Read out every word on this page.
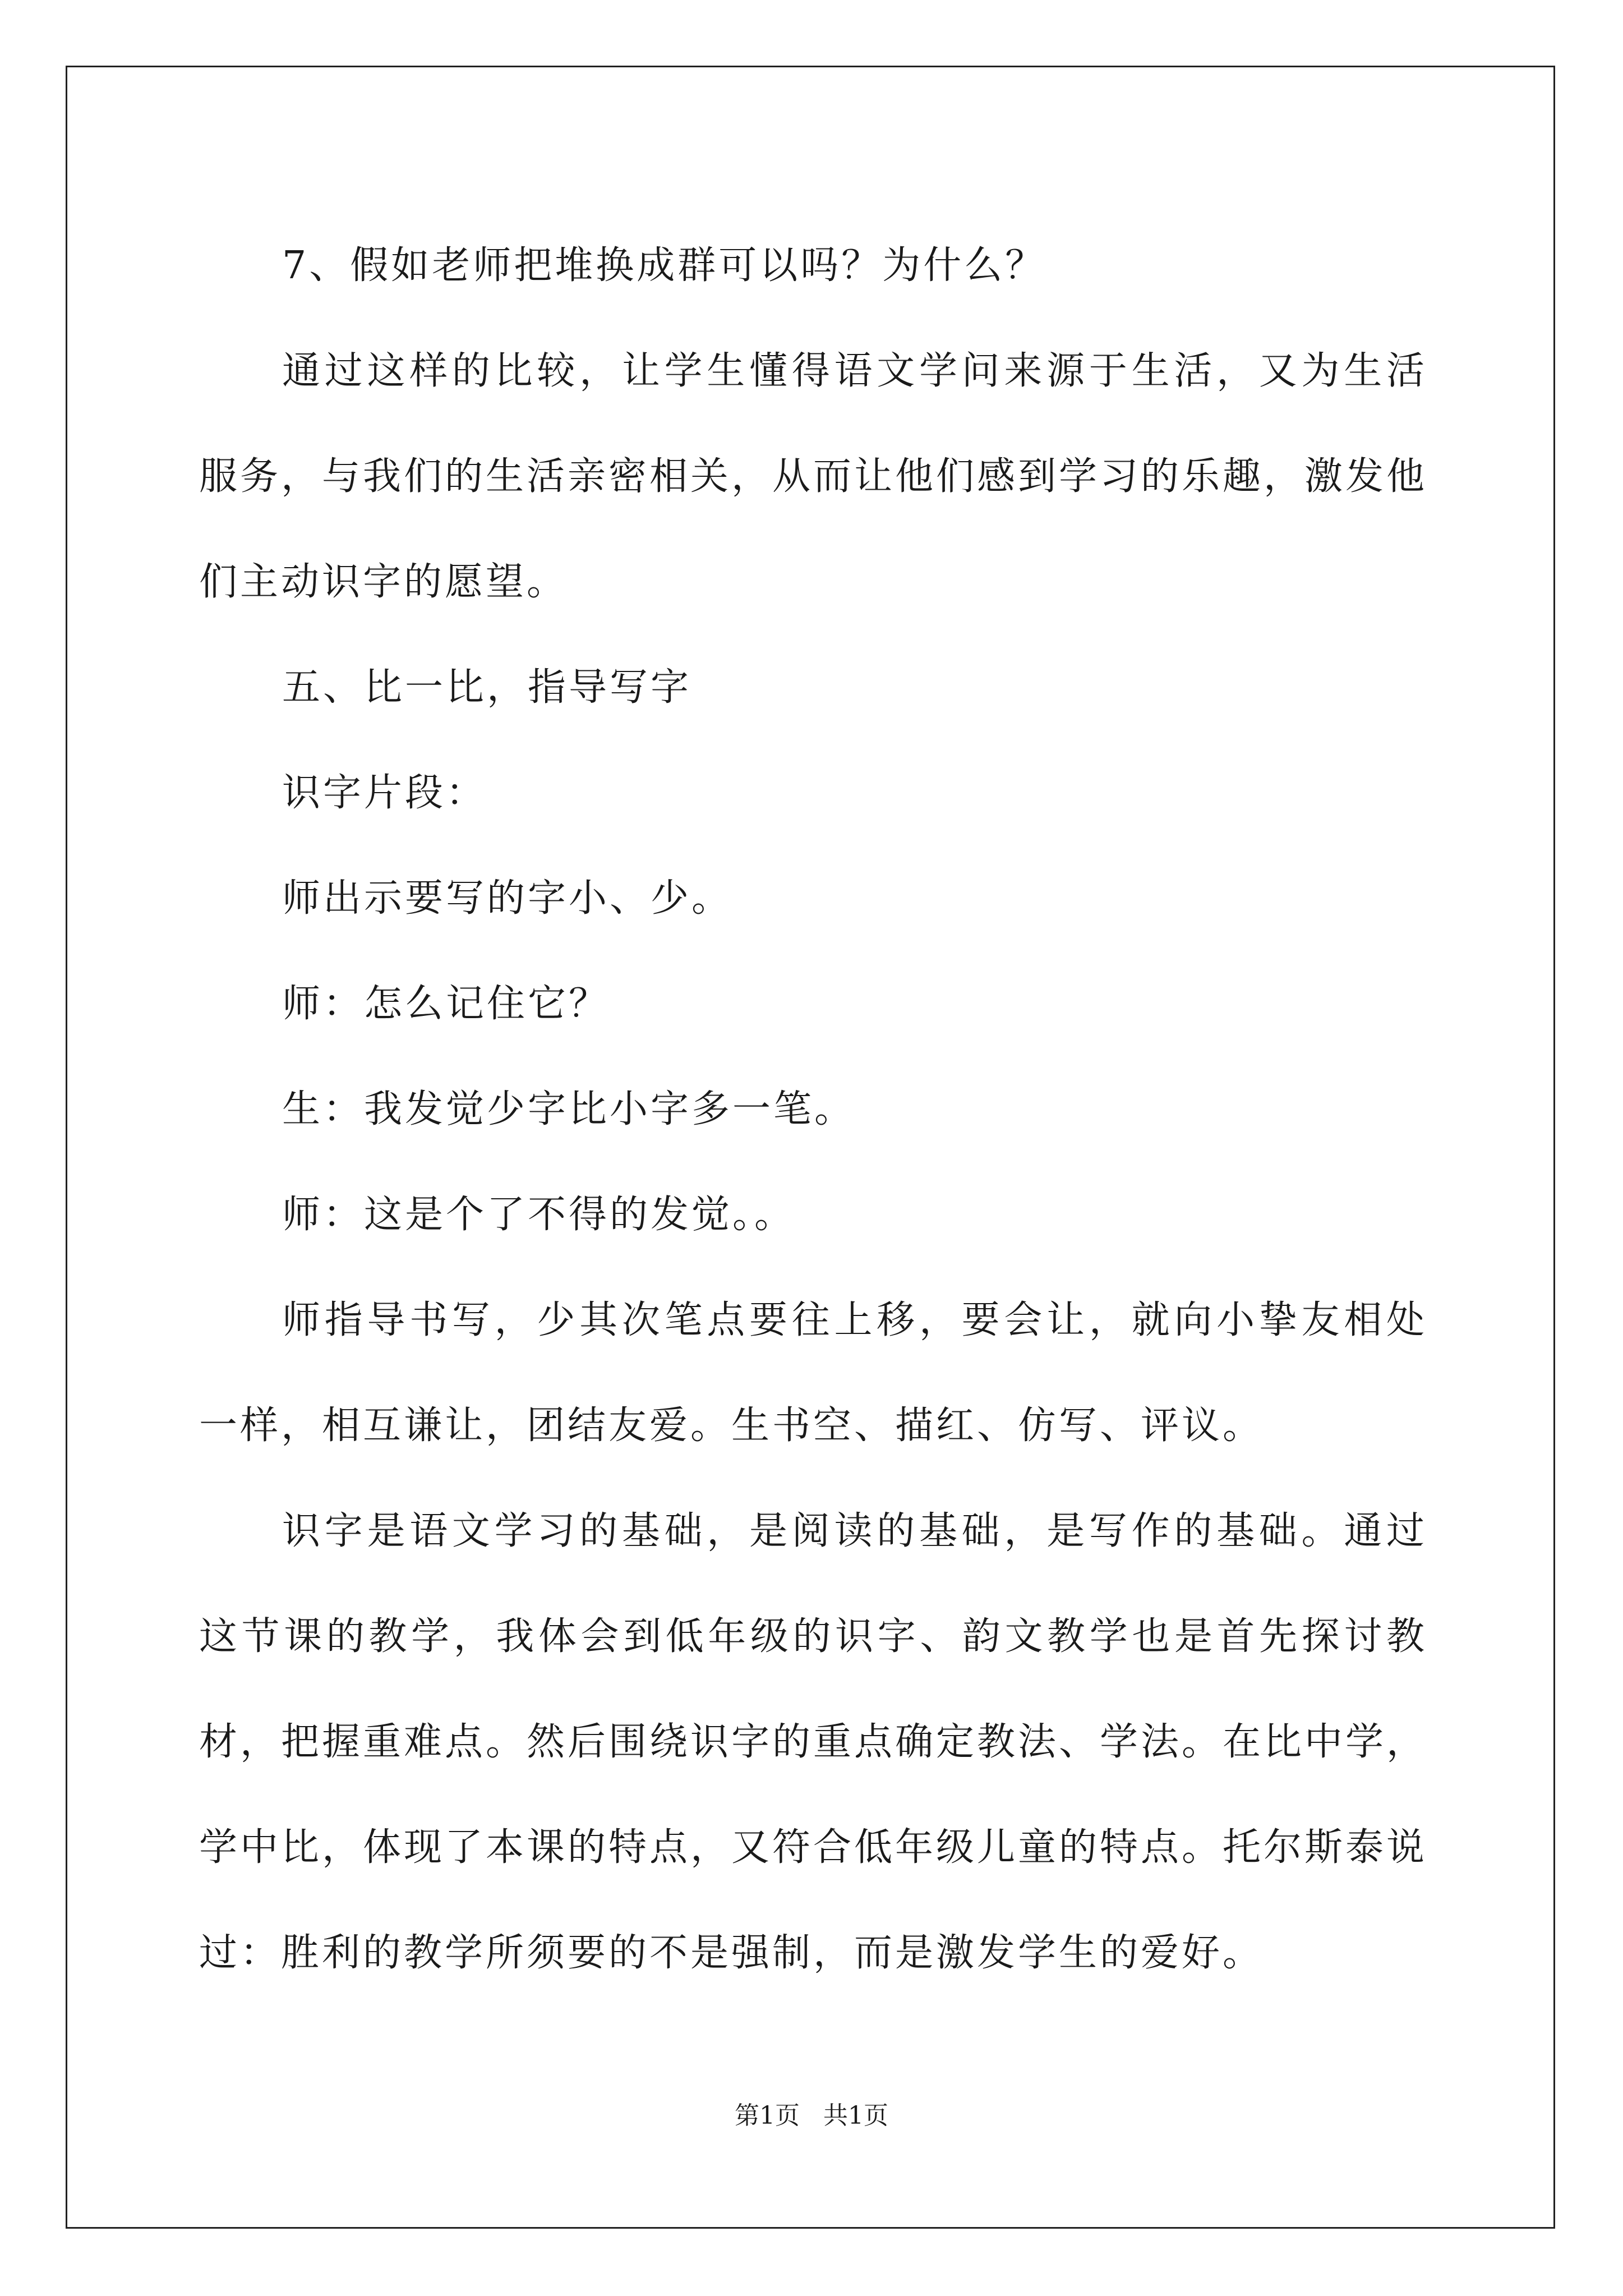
7、假如老师把堆换成群可以吗？为什么？

通过这样的比较，让学生懂得语文学问来源于生活，又为生活服务，与我们的生活亲密相关，从而让他们感到学习的乐趣，激发他们主动识字的愿望。

五、比一比，指导写字

识字片段：

师出示要写的字小、少。

师：怎么记住它？

生：我发觉少字比小字多一笔。

师：这是个了不得的发觉。。

师指导书写，少其次笔点要往上移，要会让，就向小挚友相处一样，相互谦让，团结友爱。生书空、描红、仿写、评议。

识字是语文学习的基础，是阅读的基础，是写作的基础。通过这节课的教学，我体会到低年级的识字、韵文教学也是首先探讨教材，把握重难点。然后围绕识字的重点确定教法、学法。在比中学，学中比，体现了本课的特点，又符合低年级儿童的特点。托尔斯泰说过：胜利的教学所须要的不是强制，而是激发学生的爱好。

第1页 共1页
